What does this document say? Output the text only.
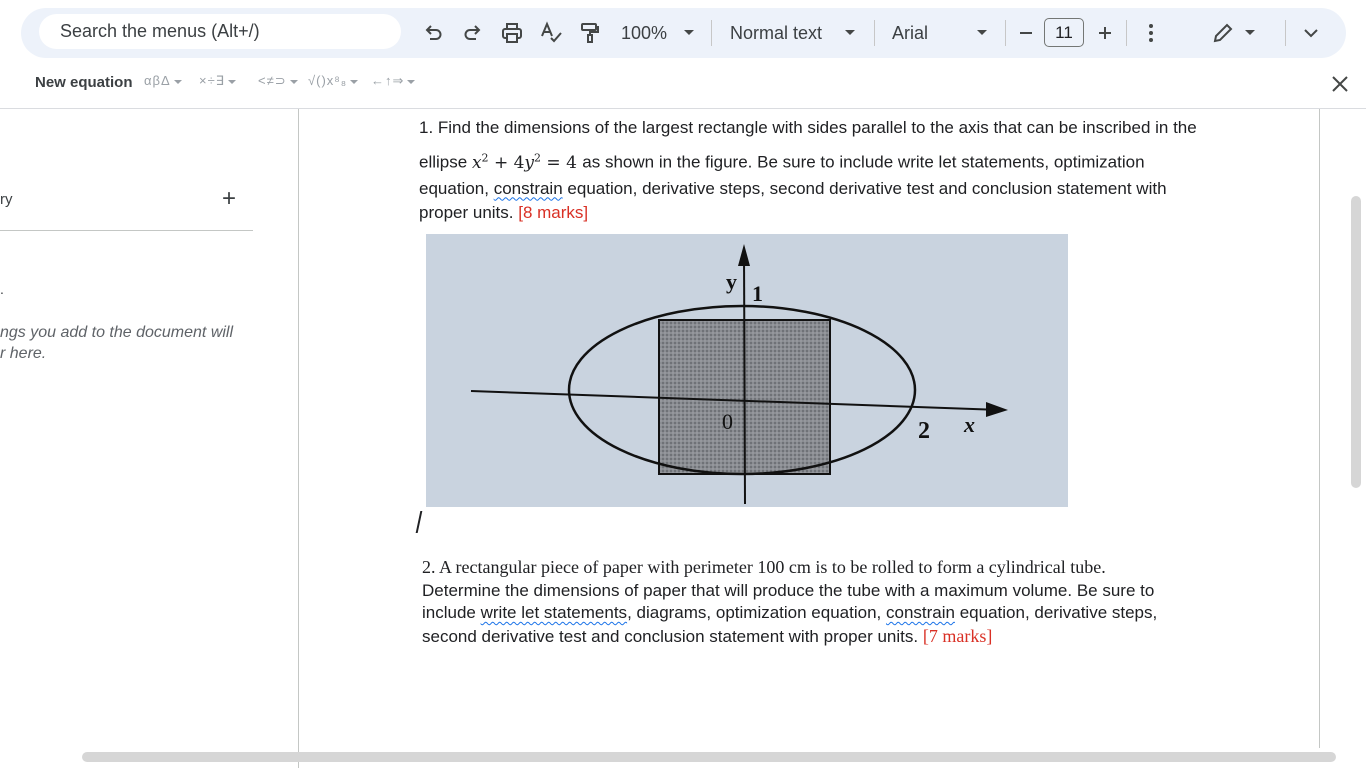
Search the menus (Alt+/)	100%	Normal text	Arial	11
New equation αβΔ	×÷∃	<≠⊃	√()x⁸₈	←↑⇒
ry	+
.
ngs you add to the document will
r here.
1. Find the dimensions of the largest rectangle with sides parallel to the axis that can be inscribed in the
ellipse $x^2 + 4y^2 = 4$ as shown in the figure. Be sure to include write let statements, optimization
equation, constrain equation, derivative steps, second derivative test and conclusion statement with
proper units. [8 marks]
y 1
0	2 x
2. A rectangular piece of paper with perimeter 100 cm is to be rolled to form a cylindrical tube.
Determine the dimensions of paper that will produce the tube with a maximum volume. Be sure to
include write let statements, diagrams, optimization equation, constrain equation, derivative steps,
second derivative test and conclusion statement with proper units. [7 marks]
